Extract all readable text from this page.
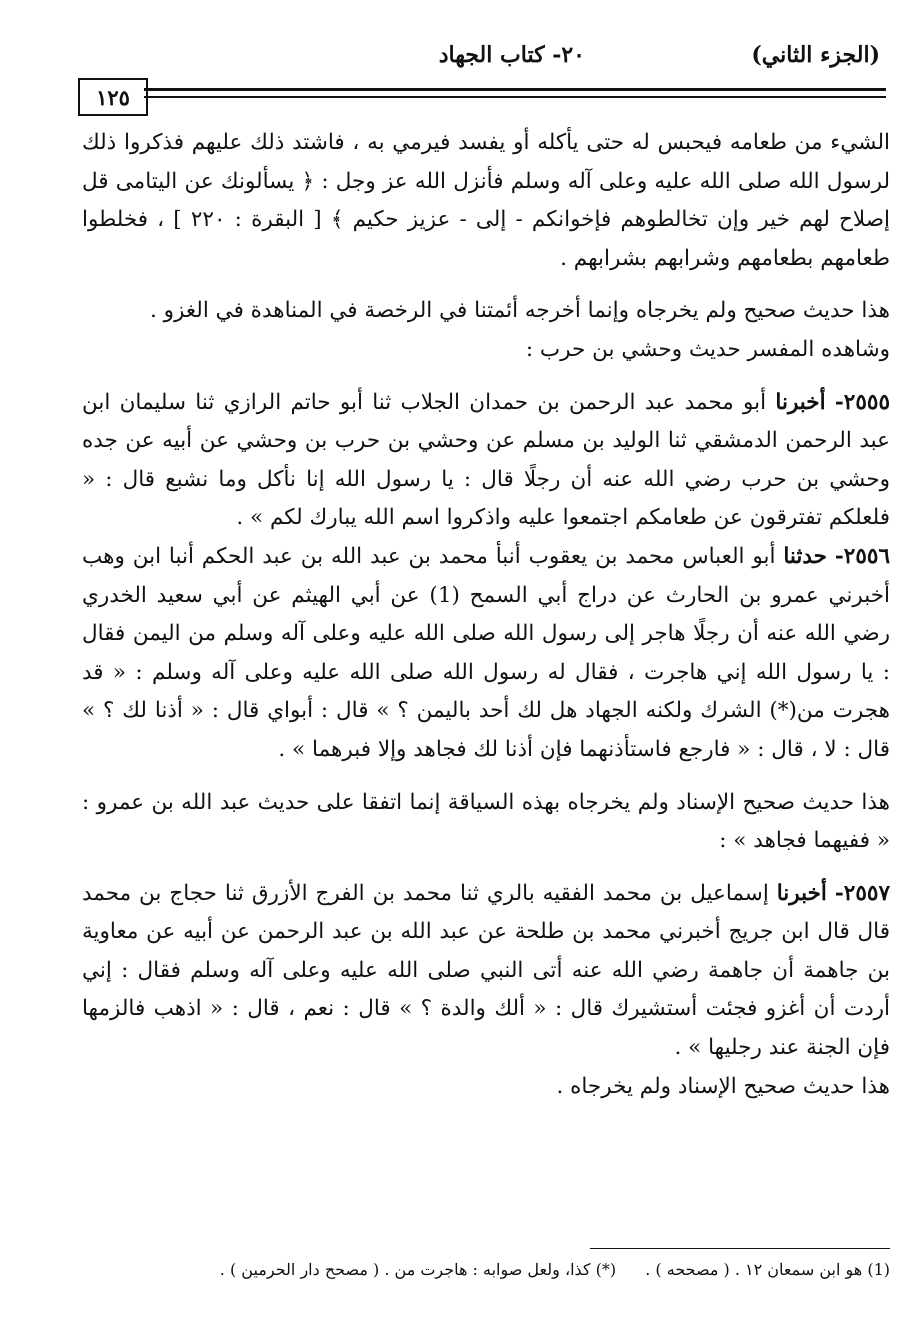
(الجزء الثاني)
٢٠- كتاب الجهاد
١٢٥

الشيء من طعامه فيحبس له حتى يأكله أو يفسد فيرمي به ، فاشتد ذلك عليهم فذكروا ذلك لرسول الله صلى الله عليه وعلى آله وسلم فأنزل الله عز وجل : ﴿ يسألونك عن اليتامى قل إصلاح لهم خير وإن تخالطوهم فإخوانكم - إلى - عزيز حكيم ﴾ [ البقرة : ٢٢٠ ] ، فخلطوا طعامهم بطعامهم وشرابهم بشرابهم .

هذا حديث صحيح ولم يخرجاه وإنما أخرجه أئمتنا في الرخصة في المناهدة في الغزو .

وشاهده المفسر حديث وحشي بن حرب :

٢٥٥٥- أخبرنا أبو محمد عبد الرحمن بن حمدان الجلاب ثنا أبو حاتم الرازي ثنا سليمان ابن عبد الرحمن الدمشقي ثنا الوليد بن مسلم عن وحشي بن حرب بن وحشي عن أبيه عن جده وحشي بن حرب رضي الله عنه أن رجلًا قال : يا رسول الله إنا نأكل وما نشبع قال : « فلعلكم تفترقون عن طعامكم اجتمعوا عليه واذكروا اسم الله يبارك لكم » .

٢٥٥٦- حدثنا أبو العباس محمد بن يعقوب أنبأ محمد بن عبد الله بن عبد الحكم أنبا ابن وهب أخبرني عمرو بن الحارث عن دراج أبي السمح (1) عن أبي الهيثم عن أبي سعيد الخدري رضي الله عنه أن رجلًا هاجر إلى رسول الله صلى الله عليه وعلى آله وسلم من اليمن فقال : يا رسول الله إني هاجرت ، فقال له رسول الله صلى الله عليه وعلى آله وسلم : « قد هجرت من(*) الشرك ولكنه الجهاد هل لك أحد باليمن ؟ » قال : أبواي قال : « أذنا لك ؟ » قال : لا ، قال : « فارجع فاستأذنهما فإن أذنا لك فجاهد وإلا فبرهما » .

هذا حديث صحيح الإسناد ولم يخرجاه بهذه السياقة إنما اتفقا على حديث عبد الله بن عمرو : « ففيهما فجاهد » :

٢٥٥٧- أخبرنا إسماعيل بن محمد الفقيه بالري ثنا محمد بن الفرج الأزرق ثنا حجاج بن محمد قال قال ابن جريج أخبرني محمد بن طلحة عن عبد الله بن عبد الرحمن عن أبيه عن معاوية بن جاهمة أن جاهمة رضي الله عنه أتى النبي صلى الله عليه وعلى آله وسلم فقال : إني أردت أن أغزو فجئت أستشيرك قال : « ألك والدة ؟ » قال : نعم ، قال : « اذهب فالزمها فإن الجنة عند رجليها » .

هذا حديث صحيح الإسناد ولم يخرجاه .

(1) هو ابن سمعان ١٢ . ( مصححه ) . (*) كذا، ولعل صوابه : هاجرت من . ( مصحح دار الحرمين ) .
